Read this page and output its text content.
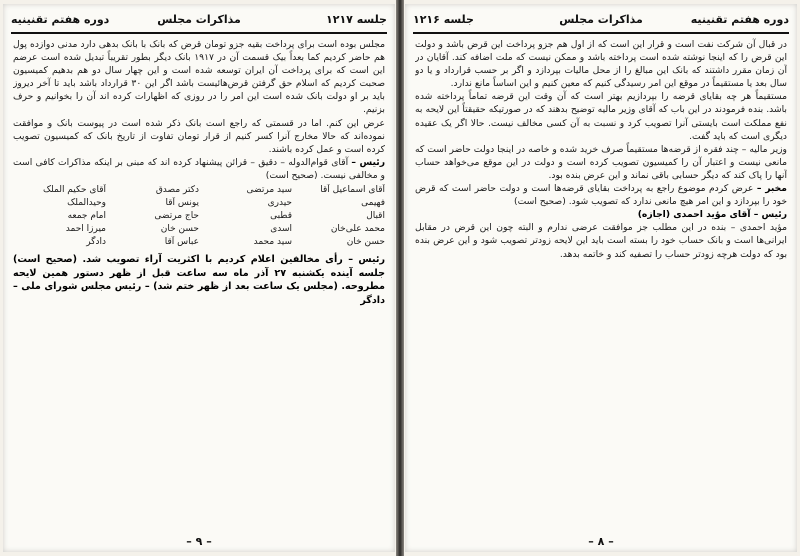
جلسه ۱۲۱۷
مذاکرات مجلس
دوره هفتم تقنینیه

مجلس بوده است برای پرداخت بقیه جزو تومان قرض که بانک با بانک بدهی دارد مدنی دوازده پول هم حاضر کردیم کما بعداً بیک قسمت آن در ۱۹۱۷ بانک دیگر بطور تقریباً تبدیل شده است عرضم این است که برای پرداخت آن ایران توسعه شده است و این چهار سال دو هم بدهیم کمیسیون صحبت کردیم که اسلام حق گرفتن قرض‌هائیست باشد اگر این ۳۰ قرارداد باشد باید تا آخر دیروز باید بر او دولت بانک شده است این امر را در روزی که اظهارات کرده اند آن را بخوانیم و حرف بزنیم.

عرض این کنم. اما در قسمتی که راجع است بانک ذکر شده است در پیوست بانک و موافقت نموده‌اند که حالا مخارج آنرا کسر کنیم از قرار تومان تفاوت از تاریخ بانک که کمیسیون تصویب کرده است و عمل کرده باشند.

رئیس – آقای قوام‌الدوله – دقیق – قرائن پیشنهاد کرده اند که مبنی بر اینکه مذاکرات کافی است و مخالفی نیست. (صحیح است)

آقای اسماعیل آقا
سید مرتضی
دکتر مصدق
آقای حکیم الملک
فهیمی
حیدری
یونس آقا
وحیدالملک
اقبال
قطبی
حاج مرتضی
امام جمعه
محمد علی‌خان
اسدی
حسن خان
میرزا احمد
حسن خان
سید محمد
عباس آقا
دادگر

رئیس – رأی مخالفین اعلام کردیم با اکثریت آراء تصویب شد. (صحیح است) جلسه آینده یکشنبه ۲۷ آذر ماه سه ساعت قبل از ظهر دستور همین لایحه مطروحه. (مجلس یک ساعت بعد از ظهر ختم شد) – رئیس مجلس شورای ملی – دادگر

– ۹ –
دوره هفتم تقنینیه
مذاکرات مجلس
جلسه ۱۲۱۶

در قبال آن شرکت نفت است و قرار این است که از اول هم جزو پرداخت این قرض باشد و دولت این قرض را که اینجا نوشته شده است پرداخته باشد و ممکن نیست که ملت اضافه کند. آقایان در آن زمان مقرر داشتند که بانک این مبالغ را از محل مالیات بپردازد و اگر بر حسب قرارداد و یا دو سال بعد یا مستقیماً در موقع این امر رسیدگی کنیم که معین کنیم و این اساساً مانع ندارد.

مستقیماً هر چه بقایای قرضه را بپردازیم بهتر است که آن وقت این قرضه تماماً پرداخته شده باشد. بنده فرمودند در این باب که آقای وزیر مالیه توضیح بدهند که در صورتیکه حقیقتاً این لایحه به نفع مملکت است بایستی آنرا تصویب کرد و نسبت به آن کسی مخالف نیست. حالا اگر یک عقیده دیگری است که باید گفت.

وزیر مالیه – چند فقره از قرضه‌ها مستقیماً صرف خرید شده و خاصه در اینجا دولت حاضر است که مانعی نیست و اعتبار آن را کمیسیون تصویب کرده است و دولت در این موقع می‌خواهد حساب آنها را پاک کند که دیگر حسابی باقی نماند و این عرض بنده بود.

مخبر – عرض کردم موضوع راجع به پرداخت بقایای قرضه‌ها است و دولت حاضر است که قرض خود را بپردازد و این امر هیچ مانعی ندارد که تصویب شود. (صحیح است)

رئیس – آقای مؤید احمدی (اجازه)

مؤید احمدی – بنده در این مطلب جز موافقت عرضی ندارم و البته چون این قرض در مقابل ایرانی‌ها است و بانک حساب خود را بسته است باید این لایحه زودتر تصویب شود و این عرض بنده بود که دولت هرچه زودتر حساب را تصفیه کند و خاتمه بدهد.

– ۸ –
